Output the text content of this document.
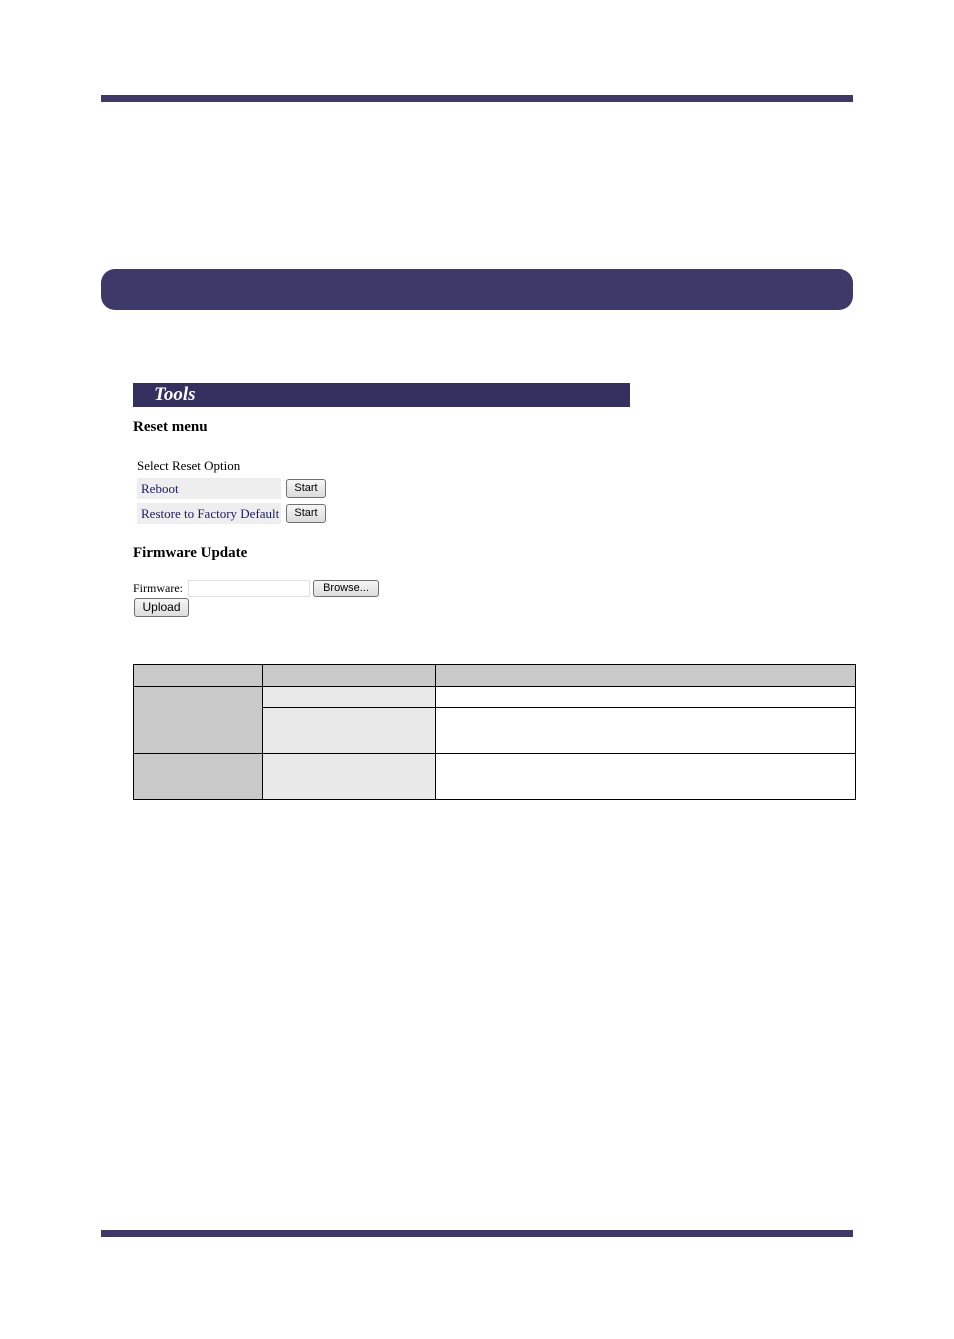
Tools
Reset menu
Select Reset Option
Reboot	Start
Restore to Factory Default	Start
Firmware Update
Firmware:	Browse...
Upload
